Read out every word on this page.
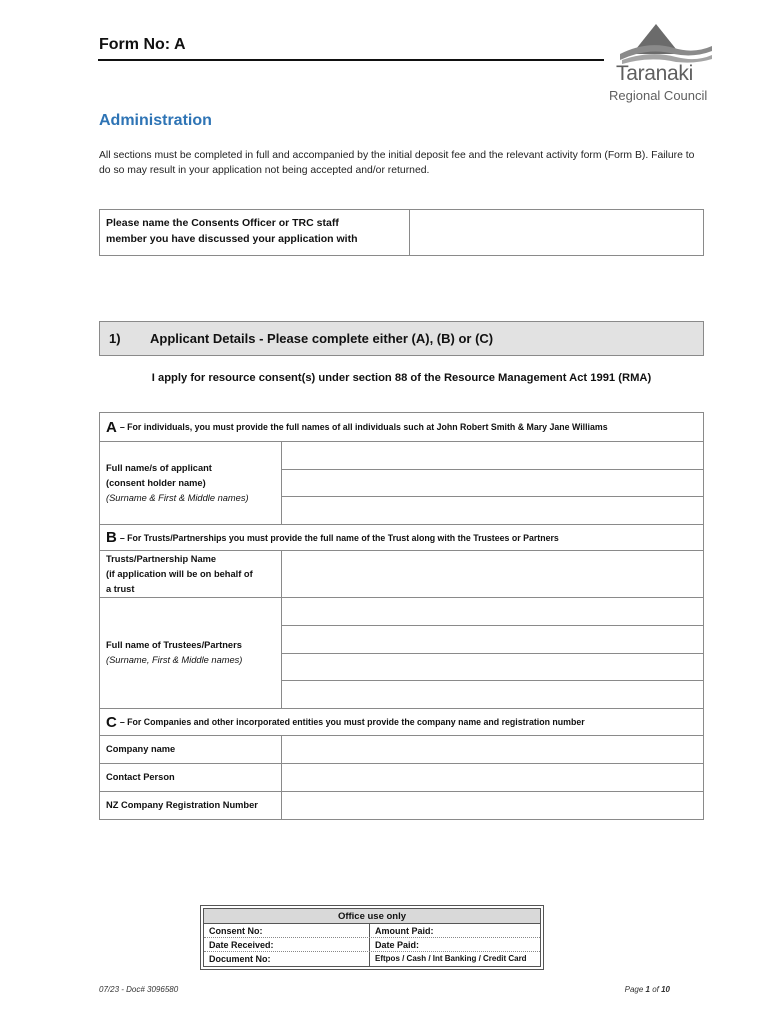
Form No: A
Taranaki
Regional Council
Administration
All sections must be completed in full and accompanied by the initial deposit fee and the relevant activity form (Form B). Failure to do so may result in your application not being accepted and/or returned.
Please name the Consents Officer or TRC staff
member you have discussed your application with
1)	Applicant Details - Please complete either (A), (B) or (C)
I apply for resource consent(s) under section 88 of the Resource Management Act 1991 (RMA)
A – For individuals, you must provide the full names of all individuals such at John Robert Smith & Mary Jane Williams
Full name/s of applicant
(consent holder name)
(Surname & First & Middle names)
B – For Trusts/Partnerships you must provide the full name of the Trust along with the Trustees or Partners
Trusts/Partnership Name
(if application will be on behalf of
a trust
Full name of Trustees/Partners
(Surname, First & Middle names)
C – For Companies and other incorporated entities you must provide the company name and registration number
Company name
Contact Person
NZ Company Registration Number
Office use only
Consent No:	Amount Paid:
Date Received:	Date Paid:
Document No:	Eftpos / Cash / Int Banking / Credit Card
07/23 - Doc# 3096580	Page 1 of 10
